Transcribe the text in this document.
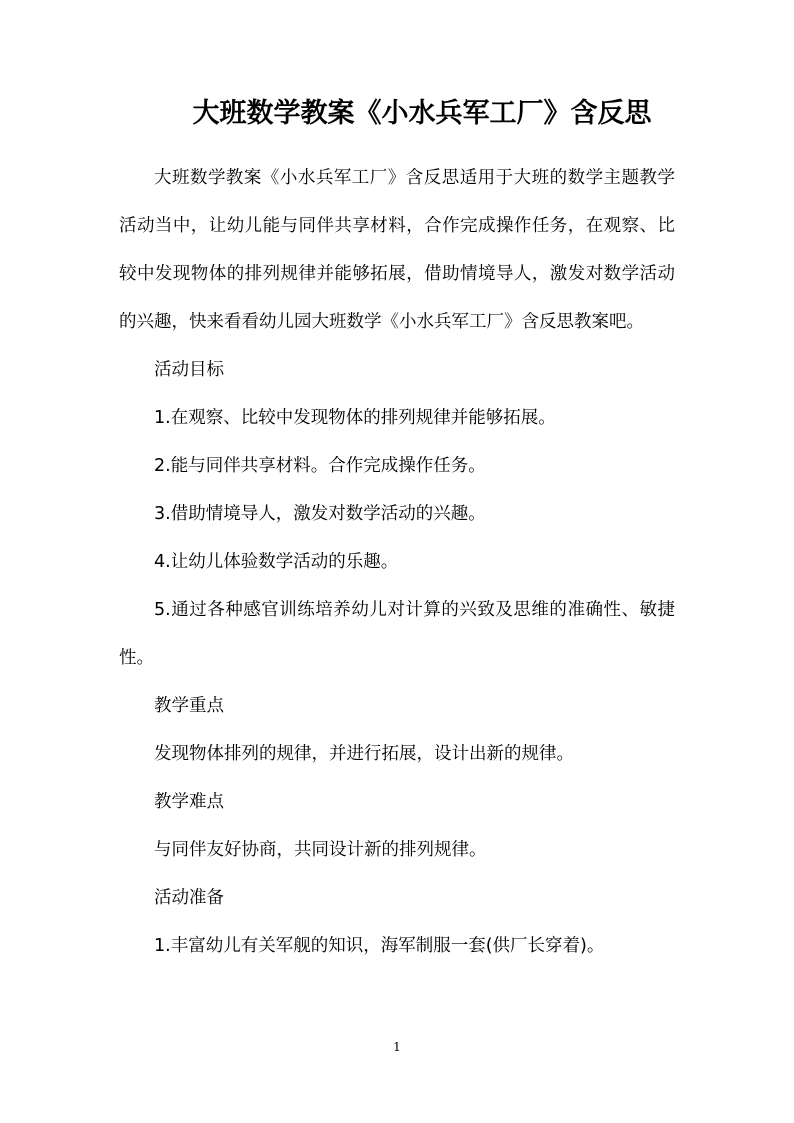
大班数学教案《小水兵军工厂》含反思

大班数学教案《小水兵军工厂》含反思适用于大班的数学主题教学活动当中，让幼儿能与同伴共享材料，合作完成操作任务，在观察、比较中发现物体的排列规律并能够拓展，借助情境导人，激发对数学活动的兴趣，快来看看幼儿园大班数学《小水兵军工厂》含反思教案吧。

活动目标

1.在观察、比较中发现物体的排列规律并能够拓展。

2.能与同伴共享材料。合作完成操作任务。

3.借助情境导人，激发对数学活动的兴趣。

4.让幼儿体验数学活动的乐趣。

5.通过各种感官训练培养幼儿对计算的兴致及思维的准确性、敏捷性。

教学重点

发现物体排列的规律，并进行拓展，设计出新的规律。

教学难点

与同伴友好协商，共同设计新的排列规律。

活动准备

1.丰富幼儿有关军舰的知识，海军制服一套(供厂长穿着)。

1
